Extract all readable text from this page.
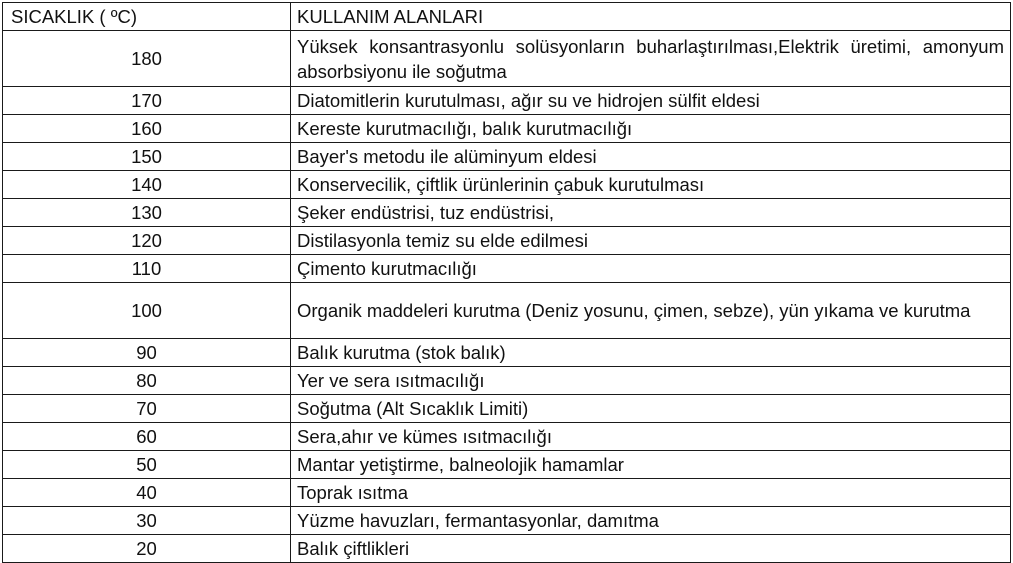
SICAKLIK ( ºC)	KULLANIM ALANLARI
180	Yüksek konsantrasyonlu solüsyonların buharlaştırılması,Elektrik üretimi, amonyum absorbsiyonu ile soğutma
170	Diatomitlerin kurutulması, ağır su ve hidrojen sülfit eldesi
160	Kereste kurutmacılığı, balık kurutmacılığı
150	Bayer's metodu ile alüminyum eldesi
140	Konservecilik, çiftlik ürünlerinin çabuk kurutulması
130	Şeker endüstrisi, tuz endüstrisi,
120	Distilasyonla temiz su elde edilmesi
110	Çimento kurutmacılığı
100	Organik maddeleri kurutma (Deniz yosunu, çimen, sebze), yün yıkama ve kurutma
90	Balık kurutma (stok balık)
80	Yer ve sera ısıtmacılığı
70	Soğutma (Alt Sıcaklık Limiti)
60	Sera,ahır ve kümes ısıtmacılığı
50	Mantar yetiştirme, balneolojik hamamlar
40	Toprak ısıtma
30	Yüzme havuzları, fermantasyonlar, damıtma
20	Balık çiftlikleri
